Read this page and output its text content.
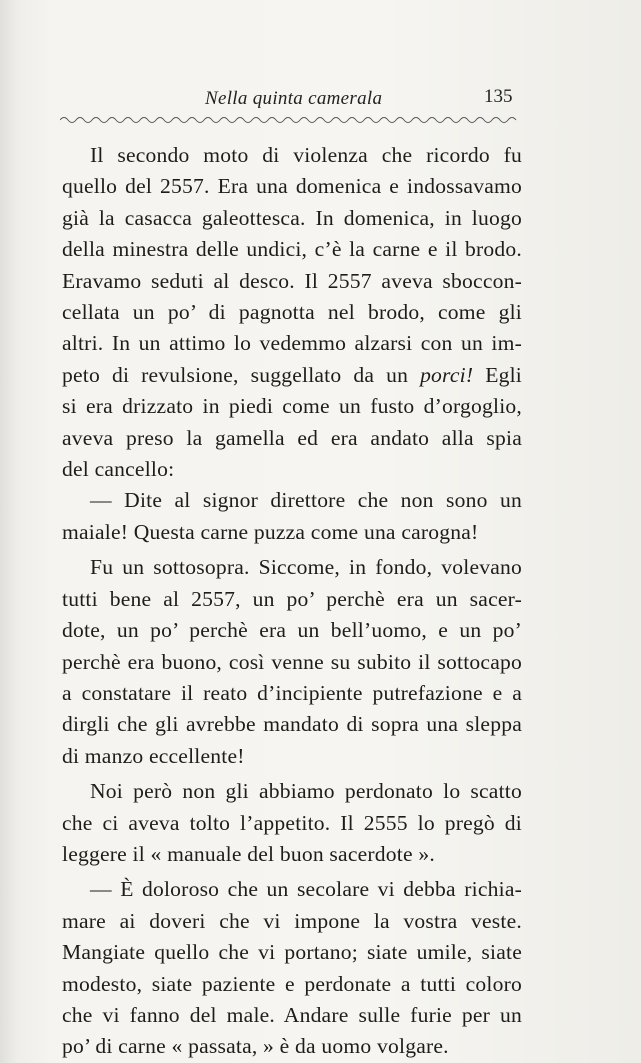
Nella quinta camerala	135
Il secondo moto di violenza che ricordo fu
quello del 2557. Era una domenica e indossavamo
già la casacca galeottesca. In domenica, in luogo
della minestra delle undici, c’è la carne e il brodo.
Eravamo seduti al desco. Il 2557 aveva sboccon-
cellata un po’ di pagnotta nel brodo, come gli
altri. In un attimo lo vedemmo alzarsi con un im-
peto di revulsione, suggellato da un porci! Egli
si era drizzato in piedi come un fusto d’orgoglio,
aveva preso la gamella ed era andato alla spia
del cancello:
— Dite al signor direttore che non sono un
maiale! Questa carne puzza come una carogna!
Fu un sottosopra. Siccome, in fondo, volevano
tutti bene al 2557, un po’ perchè era un sacer-
dote, un po’ perchè era un bell’uomo, e un po’
perchè era buono, così venne su subito il sottocapo
a constatare il reato d’incipiente putrefazione e a
dirgli che gli avrebbe mandato di sopra una sleppa
di manzo eccellente!
Noi però non gli abbiamo perdonato lo scatto
che ci aveva tolto l’appetito. Il 2555 lo pregò di
leggere il « manuale del buon sacerdote ».
— È doloroso che un secolare vi debba richia-
mare ai doveri che vi impone la vostra veste.
Mangiate quello che vi portano; siate umile, siate
modesto, siate paziente e perdonate a tutti coloro
che vi fanno del male. Andare sulle furie per un
po’ di carne « passata, » è da uomo volgare.
